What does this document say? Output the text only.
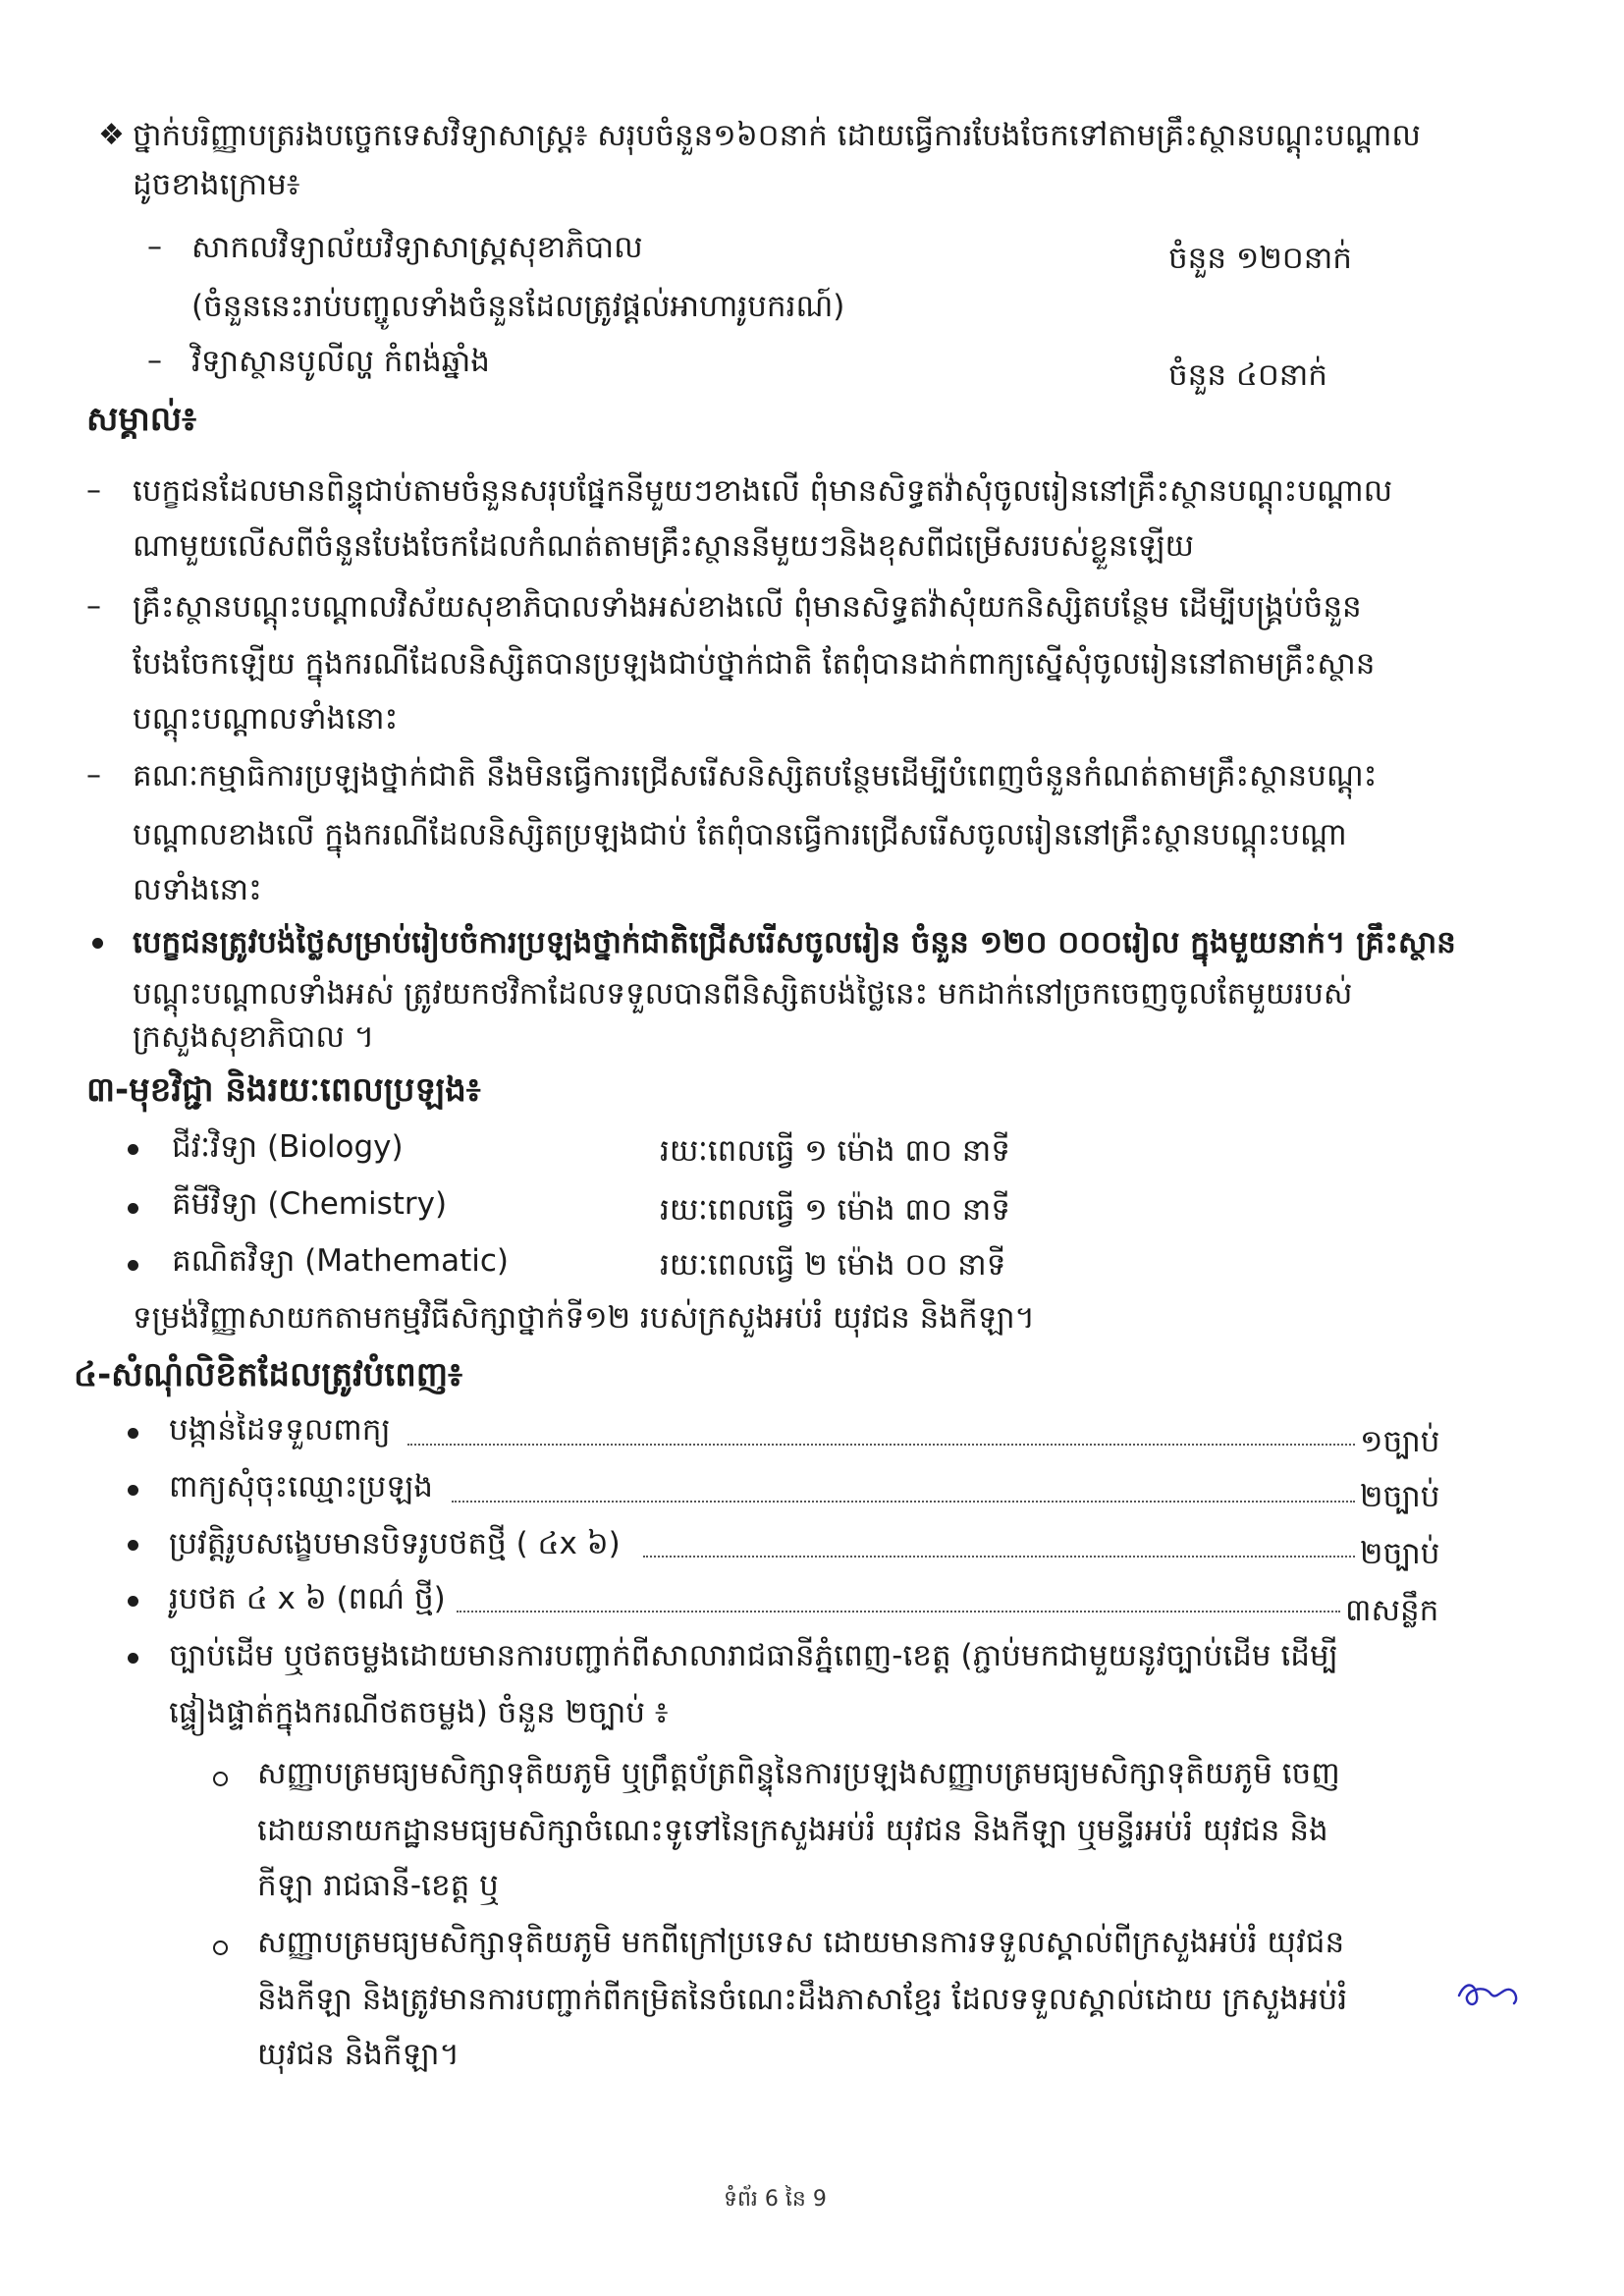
❖ ថ្នាក់បរិញ្ញាបត្ររងបច្ចេកទេសវិទ្យាសាស្ត្រ៖ សរុបចំនួន១៦០នាក់ ដោយធ្វើការបែងចែកទៅតាមគ្រឹះស្ថានបណ្តុះបណ្តាល
ដូចខាងក្រោម៖
– សាកលវិទ្យាល័យវិទ្យាសាស្ត្រសុខាភិបាល	ចំនួន ១២០នាក់
(ចំនួននេះរាប់បញ្ចូលទាំងចំនួនដែលត្រូវផ្តល់អាហារូបករណ៍)
– វិទ្យាស្ថានបូលីល្ហ កំពង់ឆ្នាំង	ចំនួន ៤០នាក់
សម្គាល់៖
– បេក្ខជនដែលមានពិន្ទុជាប់តាមចំនួនសរុបផ្នែកនីមួយៗខាងលើ ពុំមានសិទ្ធតវ៉ាសុំចូលរៀននៅគ្រឹះស្ថានបណ្តុះបណ្តាល
ណាមួយលើសពីចំនួនបែងចែកដែលកំណត់តាមគ្រឹះស្ថាននីមួយៗនិងខុសពីជម្រើសរបស់ខ្លួនឡើយ
– គ្រឹះស្ថានបណ្តុះបណ្តាលវិស័យសុខាភិបាលទាំងអស់ខាងលើ ពុំមានសិទ្ធតវ៉ាសុំយកនិស្សិតបន្ថែម ដើម្បីបង្គ្រប់ចំនួន
បែងចែកឡើយ ក្នុងករណីដែលនិស្សិតបានប្រឡងជាប់ថ្នាក់ជាតិ តែពុំបានដាក់ពាក្យស្នើសុំចូលរៀននៅតាមគ្រឹះស្ថាន
បណ្តុះបណ្តាលទាំងនោះ
– គណៈកម្មាធិការប្រឡងថ្នាក់ជាតិ នឹងមិនធ្វើការជ្រើសរើសនិស្សិតបន្ថែមដើម្បីបំពេញចំនួនកំណត់តាមគ្រឹះស្ថានបណ្តុះ
បណ្តាលខាងលើ ក្នុងករណីដែលនិស្សិតប្រឡងជាប់ តែពុំបានធ្វើការជ្រើសរើសចូលរៀននៅគ្រឹះស្ថានបណ្តុះបណ្តា
លទាំងនោះ
បេក្ខជនត្រូវបង់ថ្លៃសម្រាប់រៀបចំការប្រឡងថ្នាក់ជាតិជ្រើសរើសចូលរៀន ចំនួន ១២០ ០០០រៀល ក្នុងមួយនាក់។ គ្រឹះស្ថាន
បណ្តុះបណ្តាលទាំងអស់ ត្រូវយកថវិកាដែលទទួលបានពីនិស្សិតបង់ថ្លៃនេះ មកដាក់នៅច្រកចេញចូលតែមួយរបស់
ក្រសួងសុខាភិបាល ។
៣-មុខវិជ្ជា និងរយៈពេលប្រឡង៖
ជីវៈវិទ្យា (Biology)	រយៈពេលធ្វើ ១ ម៉ោង ៣០ នាទី
គីមីវិទ្យា (Chemistry)	រយៈពេលធ្វើ ១ ម៉ោង ៣០ នាទី
គណិតវិទ្យា (Mathematic)	រយៈពេលធ្វើ ២ ម៉ោង ០០ នាទី
ទម្រង់វិញ្ញាសាយកតាមកម្មវិធីសិក្សាថ្នាក់ទី១២ របស់ក្រសួងអប់រំ យុវជន និងកីឡា។
៤-សំណុំលិខិតដែលត្រូវបំពេញ៖
បង្កាន់ដៃទទួលពាក្យ	១ច្បាប់
ពាក្យសុំចុះឈ្មោះប្រឡង	២ច្បាប់
ប្រវត្តិរូបសង្ខេបមានបិទរូបថតថ្មី ( ៤x ៦)	២ច្បាប់
រូបថត ៤ x ៦ (ពណ៌ ថ្មី)	៣សន្លឹក
ច្បាប់ដើម ឬថតចម្លងដោយមានការបញ្ជាក់ពីសាលារាជធានីភ្នំពេញ-ខេត្ត (ភ្ជាប់មកជាមួយនូវច្បាប់ដើម ដើម្បី
ផ្ទៀងផ្ទាត់ក្នុងករណីថតចម្លង) ចំនួន ២ច្បាប់ ៖
សញ្ញាបត្រមធ្យមសិក្សាទុតិយភូមិ ឬព្រឹត្តប័ត្រពិន្ទុនៃការប្រឡងសញ្ញាបត្រមធ្យមសិក្សាទុតិយភូមិ ចេញ
ដោយនាយកដ្ឋានមធ្យមសិក្សាចំណេះទូទៅនៃក្រសួងអប់រំ យុវជន និងកីឡា ឬមន្ទីរអប់រំ យុវជន និង
កីឡា រាជធានី-ខេត្ត ឬ
សញ្ញាបត្រមធ្យមសិក្សាទុតិយភូមិ មកពីក្រៅប្រទេស ដោយមានការទទួលស្គាល់ពីក្រសួងអប់រំ យុវជន
និងកីឡា និងត្រូវមានការបញ្ជាក់ពីកម្រិតនៃចំណេះដឹងភាសាខ្មែរ ដែលទទួលស្គាល់ដោយ ក្រសួងអប់រំ
យុវជន និងកីឡា។
ទំព័រ 6 នៃ 9
